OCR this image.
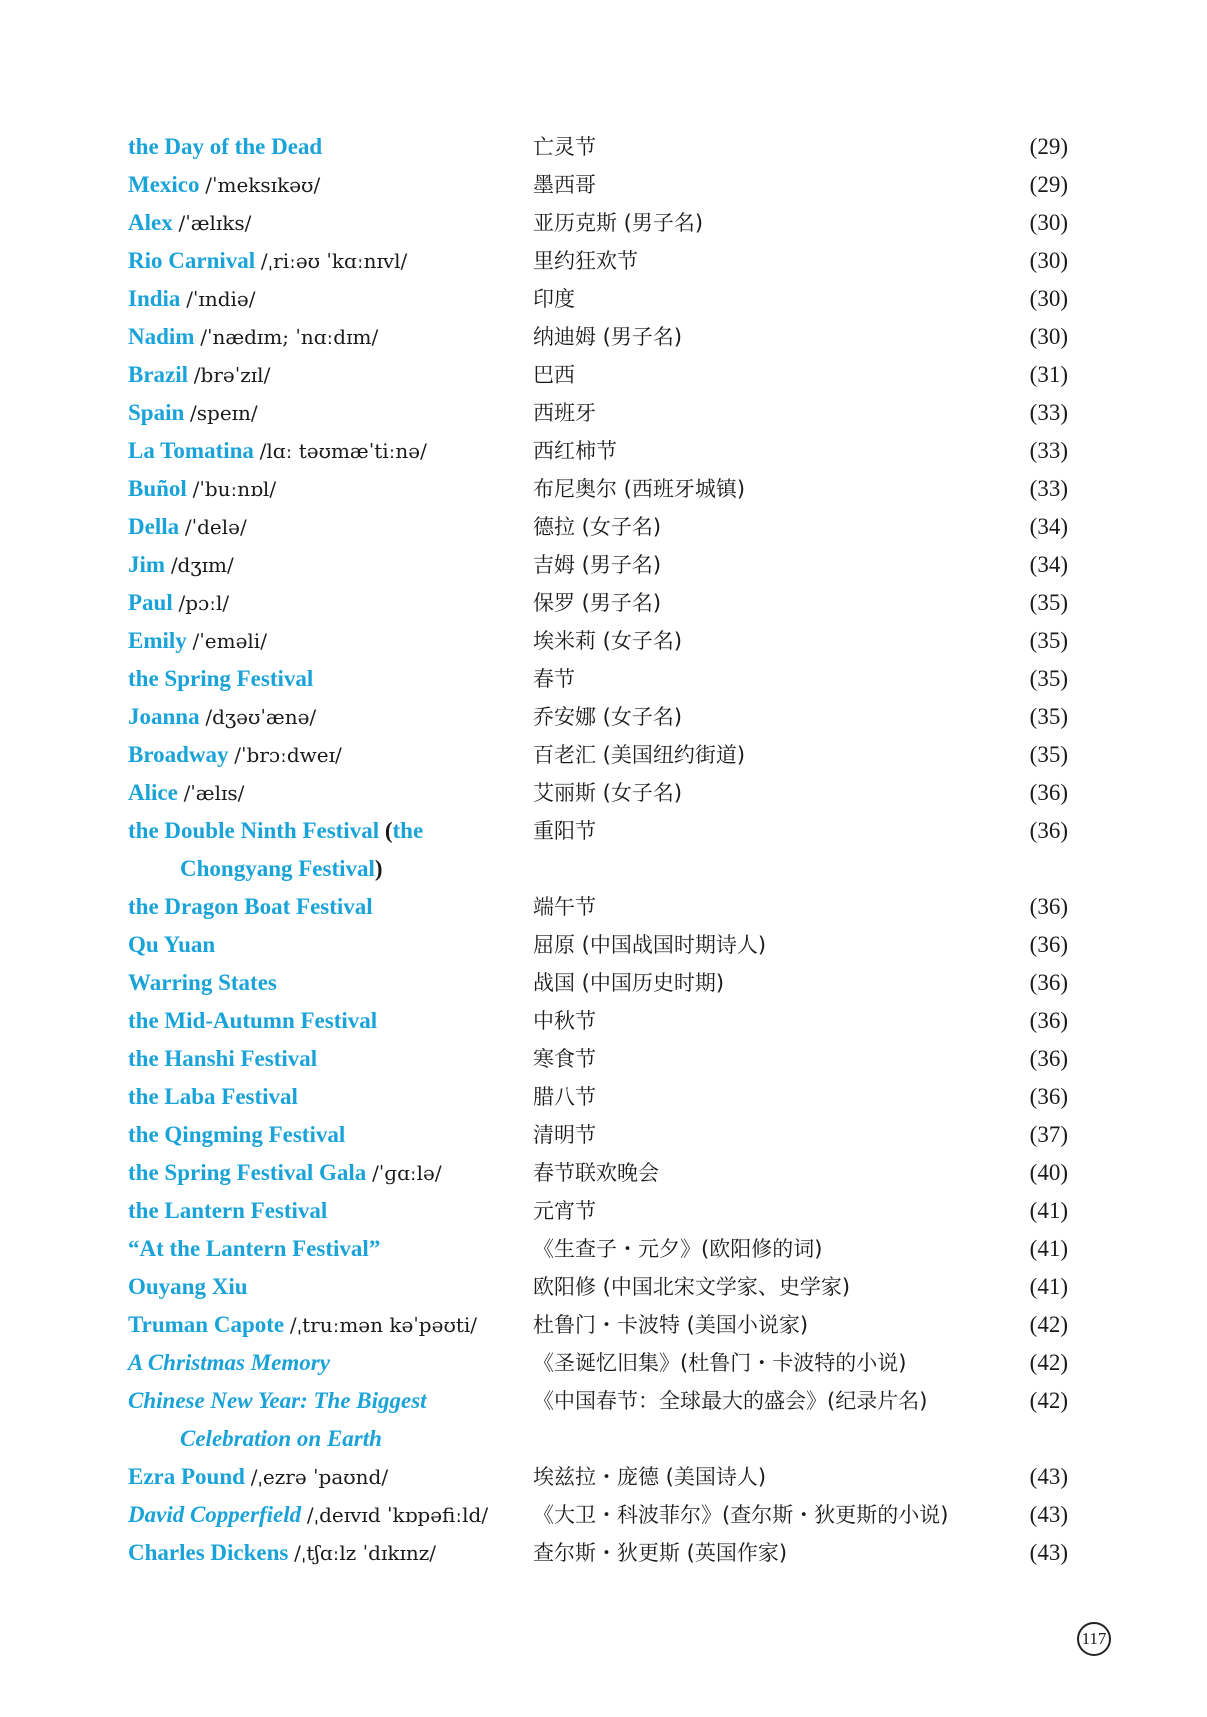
the Day of the Dead	亡灵节	(29)
Mexico /ˈmeksɪkəʊ/	墨西哥	(29)
Alex /ˈælɪks/	亚历克斯 (男子名)	(30)
Rio Carnival /ˌriːəʊ ˈkɑːnɪvl/	里约狂欢节	(30)
India /ˈɪndiə/	印度	(30)
Nadim /ˈnædɪm; ˈnɑːdɪm/	纳迪姆 (男子名)	(30)
Brazil /brəˈzɪl/	巴西	(31)
Spain /speɪn/	西班牙	(33)
La Tomatina /lɑː təʊmæˈtiːnə/	西红柿节	(33)
Buñol /ˈbuːnɒl/	布尼奥尔 (西班牙城镇)	(33)
Della /ˈdelə/	德拉 (女子名)	(34)
Jim /dʒɪm/	吉姆 (男子名)	(34)
Paul /pɔːl/	保罗 (男子名)	(35)
Emily /ˈeməli/	埃米莉 (女子名)	(35)
the Spring Festival	春节	(35)
Joanna /dʒəʊˈænə/	乔安娜 (女子名)	(35)
Broadway /ˈbrɔːdweɪ/	百老汇 (美国纽约街道)	(35)
Alice /ˈælɪs/	艾丽斯 (女子名)	(36)
the Double Ninth Festival (the
Chongyang Festival)
重阳节	(36)
the Dragon Boat Festival	端午节	(36)
Qu Yuan	屈原 (中国战国时期诗人)	(36)
Warring States	战国 (中国历史时期)	(36)
the Mid-Autumn Festival	中秋节	(36)
the Hanshi Festival	寒食节	(36)
the Laba Festival	腊八节	(36)
the Qingming Festival	清明节	(37)
the Spring Festival Gala /ˈɡɑːlə/	春节联欢晚会	(40)
the Lantern Festival	元宵节	(41)
“At the Lantern Festival”	《生查子・元夕》(欧阳修的词)	(41)
Ouyang Xiu	欧阳修 (中国北宋文学家、史学家)	(41)
Truman Capote /ˌtruːmən kəˈpəʊti/	杜鲁门・卡波特 (美国小说家)	(42)
A Christmas Memory	《圣诞忆旧集》(杜鲁门・卡波特的小说)	(42)
Chinese New Year: The Biggest
Celebration on Earth
《中国春节：全球最大的盛会》(纪录片名)	(42)
Ezra Pound /ˌezrə ˈpaʊnd/	埃兹拉・庞德 (美国诗人)	(43)
David Copperfield /ˌdeɪvɪd ˈkɒpəfiːld/	《大卫・科波菲尔》(查尔斯・狄更斯的小说)	(43)
Charles Dickens /ˌtʃɑːlz ˈdɪkɪnz/	查尔斯・狄更斯 (英国作家)	(43)
117
